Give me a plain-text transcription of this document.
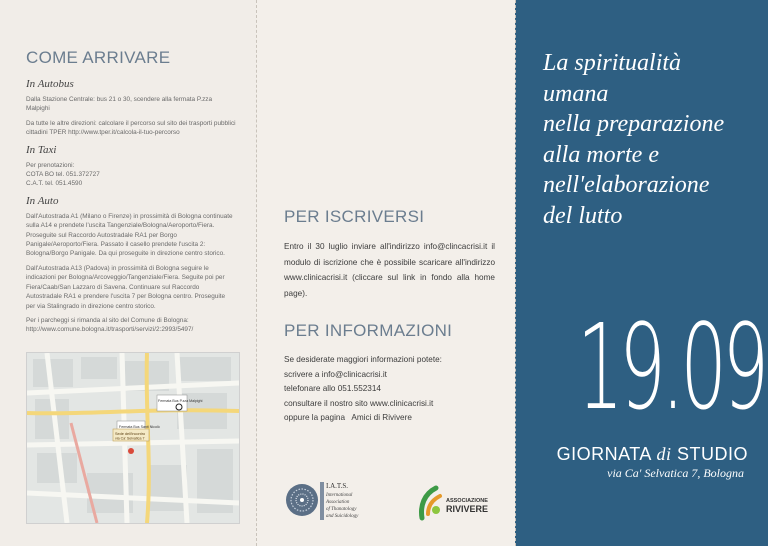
COME ARRIVARE
In Autobus

Dalla Stazione Centrale: bus 21 o 30, scendere alla fermata P.zza Malpighi

Da tutte le altre direzioni: calcolare il percorso sul sito dei trasporti pubblici cittadini TPER http://www.tper.it/calcola-il-tuo-percorso

In Taxi

Per prenotazioni:

COTA BO tel. 051.372727

C.A.T. tel. 051.4590

In Auto

Dall'Autostrada A1 (Milano o Firenze) in prossimità di Bologna continuate sulla A14 e prendete l'uscita Tangenziale/Bologna/Aeroporto/Fiera. Proseguite sul Raccordo Autostradale RA1 per Borgo Panigale/Aeroporto/Fiera. Passato il casello prendete l'uscita 2: Bologna/Borgo Panigale. Da qui proseguite in direzione centro storico.

Dall'Autostrada A13 (Padova) in prossimità di Bologna seguire le indicazioni per Bologna/Arcoveggio/Tangenziale/Fiera. Seguite poi per Fiera/Caab/San Lazzaro di Savena. Continuare sul Raccordo Autostradale RA1 e prendere l'uscita 7 per Bologna centro. Proseguite per via Stalingrado in direzione centro storico.

Per i parcheggi si rimanda al sito del Comune di Bologna: http://www.comune.bologna.it/trasporti/servizi/2:2993/5497/

Fermata Bus Santi Nicolò
Fermata Bus P.zza Malpighi
Sede dell'incontro
via Ca' Selvatica 7
PER ISCRIVERSI

Entro il 30 luglio inviare all'indirizzo info@clincacrisi.it il modulo di iscrizione che è possibile scaricare all'indirizzo www.clinicacrisi.it (cliccare sul link in fondo alla home page).

PER INFORMAZIONI

Se desiderate maggiori informazioni potete:

scrivere a info@clinicacrisi.it

telefonare allo 051.552314

consultare il nostro sito www.clinicacrisi.it

oppure la pagina   Amici di Rivivere

I.A.T.S.
International
Association
of Thanatology
and Suicidology
ASSOCIAZIONE
RIVIVERE
La spiritualità
umana
nella preparazione
alla morte e
nell'elaborazione
del lutto
19.09
GIORNATA di STUDIO
via Ca' Selvatica 7, Bologna
